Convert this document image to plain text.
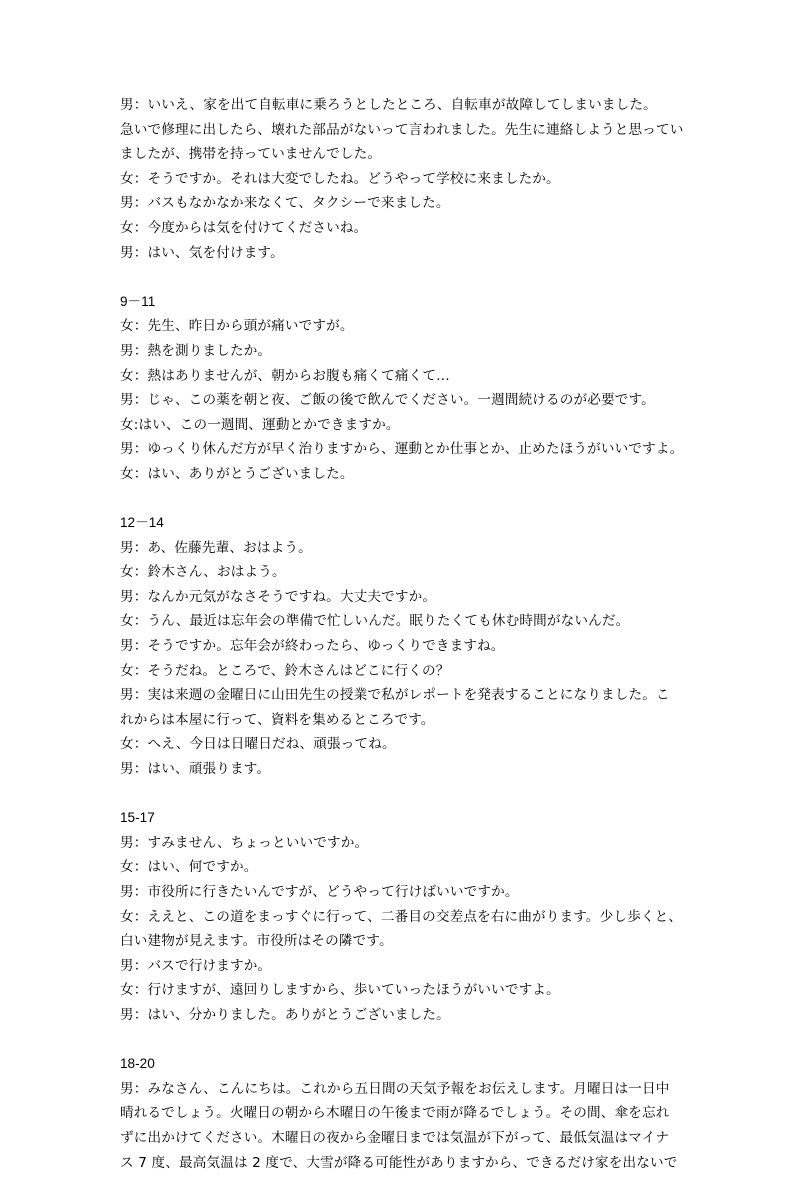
男：いいえ、家を出て自転車に乗ろうとしたところ、自転車が故障してしまいました。
急いで修理に出したら、壊れた部品がないって言われました。先生に連絡しようと思ってい
ましたが、携帯を持っていませんでした。
女：そうですか。それは大変でしたね。どうやって学校に来ましたか。
男：バスもなかなか来なくて、タクシーで来ました。
女：今度からは気を付けてくださいね。
男：はい、気を付けます。
9－11
女：先生、昨日から頭が痛いですが。
男：熱を測りましたか。
女：熱はありませんが、朝からお腹も痛くて痛くて…
男：じゃ、この薬を朝と夜、ご飯の後で飲んでください。一週間続けるのが必要です。
女:はい、この一週間、運動とかできますか。
男：ゆっくり休んだ方が早く治りますから、運動とか仕事とか、止めたほうがいいですよ。
女：はい、ありがとうございました。
12－14
男：あ、佐藤先輩、おはよう。
女：鈴木さん、おはよう。
男：なんか元気がなさそうですね。大丈夫ですか。
女：うん、最近は忘年会の準備で忙しいんだ。眠りたくても休む時間がないんだ。
男：そうですか。忘年会が終わったら、ゆっくりできますね。
女：そうだね。ところで、鈴木さんはどこに行くの？
男：実は来週の金曜日に山田先生の授業で私がレポートを発表することになりました。こ
れからは本屋に行って、資料を集めるところです。
女：へえ、今日は日曜日だね、頑張ってね。
男：はい、頑張ります。
15-17
男：すみません、ちょっといいですか。
女：はい、何ですか。
男：市役所に行きたいんですが、どうやって行けばいいですか。
女：ええと、この道をまっすぐに行って、二番目の交差点を右に曲がります。少し歩くと、
白い建物が見えます。市役所はその隣です。
男：バスで行けますか。
女：行けますが、遠回りしますから、歩いていったほうがいいですよ。
男：はい、分かりました。ありがとうございました。
18-20
男：みなさん、こんにちは。これから五日間の天気予報をお伝えします。月曜日は一日中
晴れるでしょう。火曜日の朝から木曜日の午後まで雨が降るでしょう。その間、傘を忘れ
ずに出かけてください。木曜日の夜から金曜日までは気温が下がって、最低気温はマイナ
ス 7 度、最高気温は 2 度で、大雪が降る可能性がありますから、できるだけ家を出ないで
